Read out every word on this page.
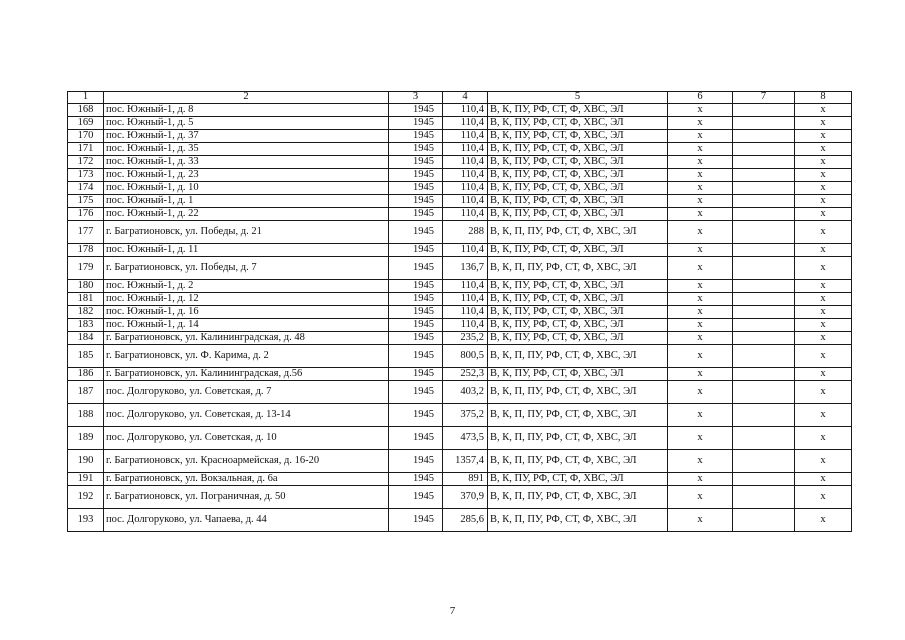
1	2	3	4	5	6	7	8
168	пос. Южный-1, д. 8	1945	110,4	В, К, ПУ, РФ, СТ, Ф, ХВС, ЭЛ	х		х
169	пос. Южный-1, д. 5	1945	110,4	В, К, ПУ, РФ, СТ, Ф, ХВС, ЭЛ	х		х
170	пос. Южный-1, д. 37	1945	110,4	В, К, ПУ, РФ, СТ, Ф, ХВС, ЭЛ	х		х
171	пос. Южный-1, д. 35	1945	110,4	В, К, ПУ, РФ, СТ, Ф, ХВС, ЭЛ	х		х
172	пос. Южный-1, д. 33	1945	110,4	В, К, ПУ, РФ, СТ, Ф, ХВС, ЭЛ	х		х
173	пос. Южный-1, д. 23	1945	110,4	В, К, ПУ, РФ, СТ, Ф, ХВС, ЭЛ	х		х
174	пос. Южный-1, д. 10	1945	110,4	В, К, ПУ, РФ, СТ, Ф, ХВС, ЭЛ	х		х
175	пос. Южный-1, д. 1	1945	110,4	В, К, ПУ, РФ, СТ, Ф, ХВС, ЭЛ	х		х
176	пос. Южный-1, д. 22	1945	110,4	В, К, ПУ, РФ, СТ, Ф, ХВС, ЭЛ	х		х
177	г. Багратионовск, ул. Победы, д. 21	1945	288	В, К, П, ПУ, РФ, СТ, Ф, ХВС, ЭЛ	х		х
178	пос. Южный-1, д. 11	1945	110,4	В, К, ПУ, РФ, СТ, Ф, ХВС, ЭЛ	х		х
179	г. Багратионовск, ул. Победы, д. 7	1945	136,7	В, К, П, ПУ, РФ, СТ, Ф, ХВС, ЭЛ	х		х
180	пос. Южный-1, д. 2	1945	110,4	В, К, ПУ, РФ, СТ, Ф, ХВС, ЭЛ	х		х
181	пос. Южный-1, д. 12	1945	110,4	В, К, ПУ, РФ, СТ, Ф, ХВС, ЭЛ	х		х
182	пос. Южный-1, д. 16	1945	110,4	В, К, ПУ, РФ, СТ, Ф, ХВС, ЭЛ	х		х
183	пос. Южный-1, д. 14	1945	110,4	В, К, ПУ, РФ, СТ, Ф, ХВС, ЭЛ	х		х
184	г. Багратионовск, ул. Калининградская, д. 48	1945	235,2	В, К, ПУ, РФ, СТ, Ф, ХВС, ЭЛ	х		х
185	г. Багратионовск, ул. Ф. Карима, д. 2	1945	800,5	В, К, П, ПУ, РФ, СТ, Ф, ХВС, ЭЛ	х		х
186	г. Багратионовск, ул. Калининградская, д.56	1945	252,3	В, К, ПУ, РФ, СТ, Ф, ХВС, ЭЛ	х		х
187	пос. Долгоруково, ул. Советская, д. 7	1945	403,2	В, К, П, ПУ, РФ, СТ, Ф, ХВС, ЭЛ	х		х
188	пос. Долгоруково, ул. Советская, д. 13-14	1945	375,2	В, К, П, ПУ, РФ, СТ, Ф, ХВС, ЭЛ	х		х
189	пос. Долгоруково, ул. Советская, д. 10	1945	473,5	В, К, П, ПУ, РФ, СТ, Ф, ХВС, ЭЛ	х		х
190	г. Багратионовск, ул. Красноармейская, д. 16-20	1945	1357,4	В, К, П, ПУ, РФ, СТ, Ф, ХВС, ЭЛ	х		х
191	г. Багратионовск, ул. Вокзальная, д. 6а	1945	891	В, К, ПУ, РФ, СТ, Ф, ХВС, ЭЛ	х		х
192	г. Багратионовск, ул. Пограничная, д. 50	1945	370,9	В, К, П, ПУ, РФ, СТ, Ф, ХВС, ЭЛ	х		х
193	пос. Долгоруково, ул. Чапаева, д. 44	1945	285,6	В, К, П, ПУ, РФ, СТ, Ф, ХВС, ЭЛ	х		х
7
